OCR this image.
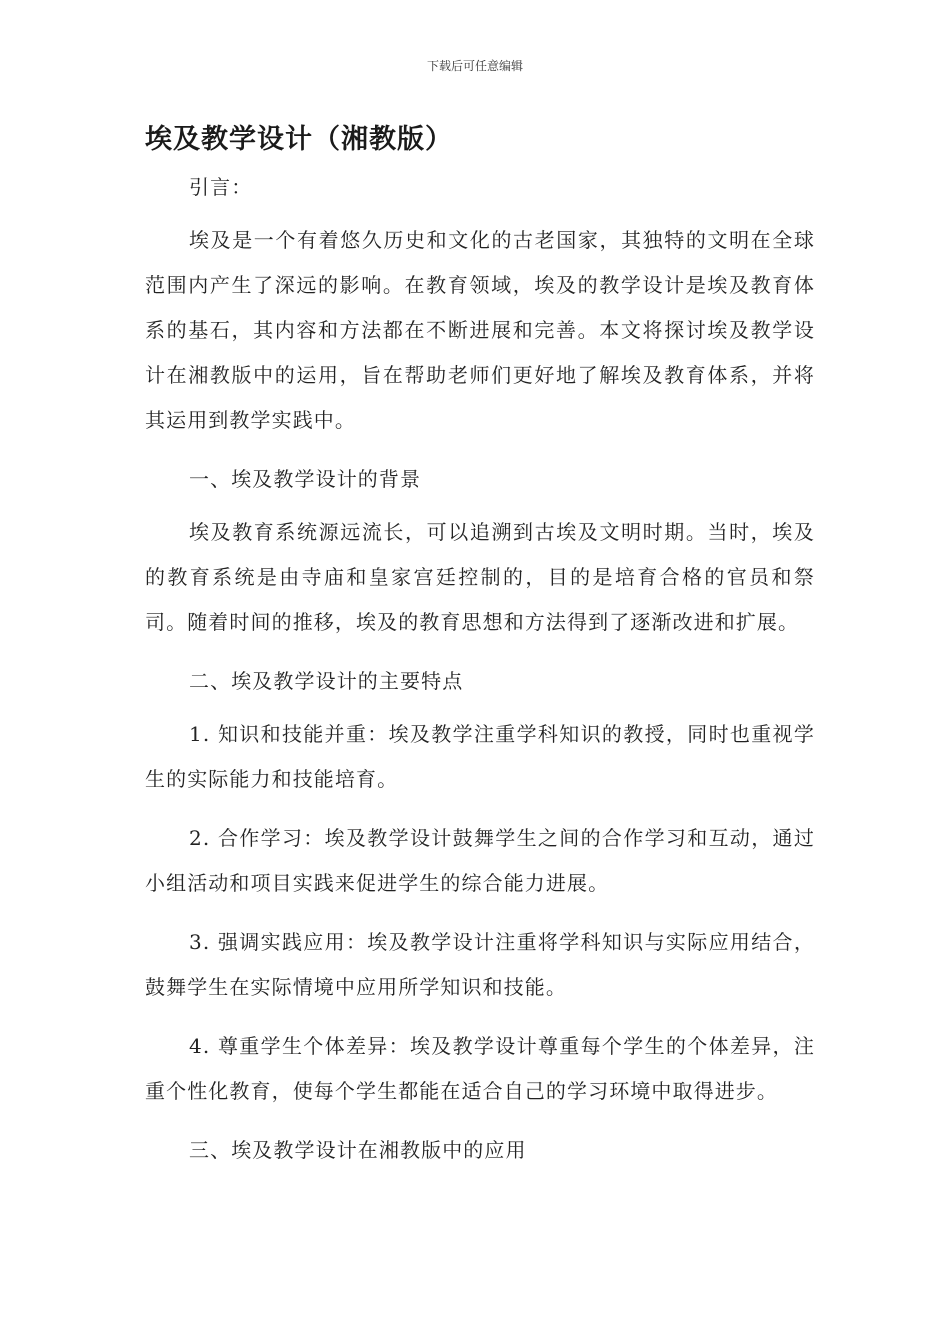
下载后可任意编辑
埃及教学设计（湘教版）

引言：

埃及是一个有着悠久历史和文化的古老国家，其独特的文明在全球范围内产生了深远的影响。在教育领域，埃及的教学设计是埃及教育体系的基石，其内容和方法都在不断进展和完善。本文将探讨埃及教学设计在湘教版中的运用，旨在帮助老师们更好地了解埃及教育体系，并将其运用到教学实践中。

一、埃及教学设计的背景

埃及教育系统源远流长，可以追溯到古埃及文明时期。当时，埃及的教育系统是由寺庙和皇家宫廷控制的，目的是培育合格的官员和祭司。随着时间的推移，埃及的教育思想和方法得到了逐渐改进和扩展。

二、埃及教学设计的主要特点

1. 知识和技能并重：埃及教学注重学科知识的教授，同时也重视学生的实际能力和技能培育。

2. 合作学习：埃及教学设计鼓舞学生之间的合作学习和互动，通过小组活动和项目实践来促进学生的综合能力进展。

3. 强调实践应用：埃及教学设计注重将学科知识与实际应用结合，鼓舞学生在实际情境中应用所学知识和技能。

4. 尊重学生个体差异：埃及教学设计尊重每个学生的个体差异，注重个性化教育，使每个学生都能在适合自己的学习环境中取得进步。

三、埃及教学设计在湘教版中的应用
